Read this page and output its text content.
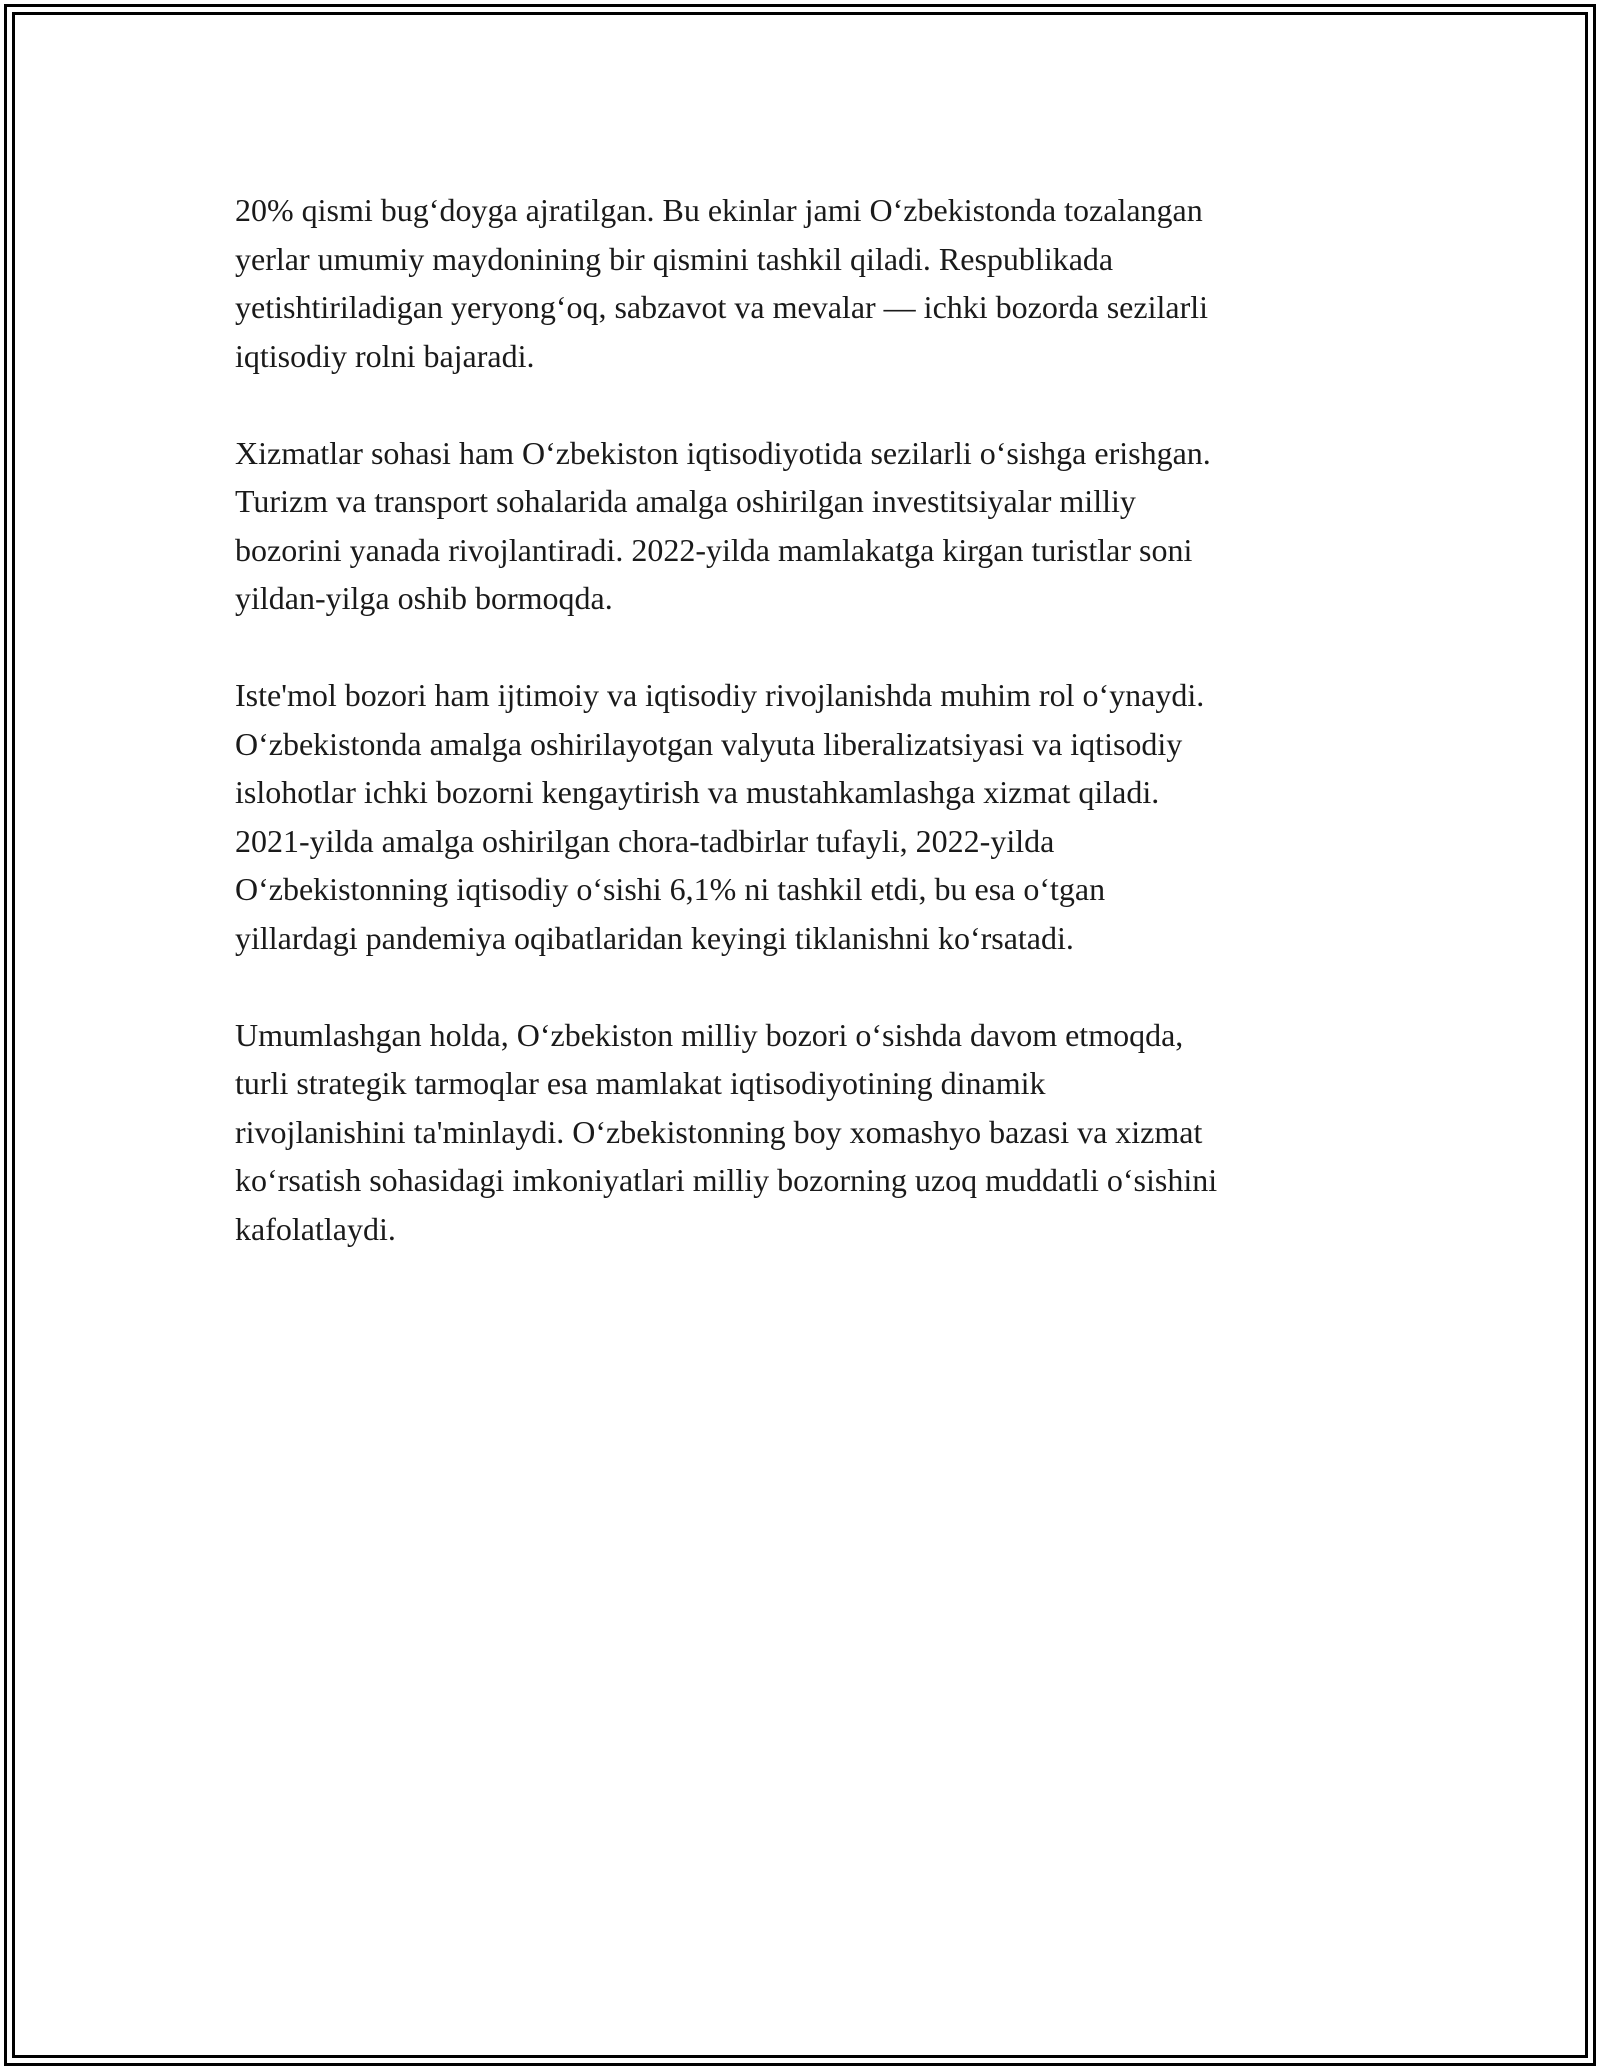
20% qismi bug‘doyga ajratilgan. Bu ekinlar jami O‘zbekistonda tozalangan
yerlar umumiy maydonining bir qismini tashkil qiladi. Respublikada
yetishtiriladigan yeryong‘oq, sabzavot va mevalar — ichki bozorda sezilarli
iqtisodiy rolni bajaradi.

Xizmatlar sohasi ham O‘zbekiston iqtisodiyotida sezilarli o‘sishga erishgan.
Turizm va transport sohalarida amalga oshirilgan investitsiyalar milliy
bozorini yanada rivojlantiradi. 2022-yilda mamlakatga kirgan turistlar soni
yildan-yilga oshib bormoqda.

Iste'mol bozori ham ijtimoiy va iqtisodiy rivojlanishda muhim rol o‘ynaydi.
O‘zbekistonda amalga oshirilayotgan valyuta liberalizatsiyasi va iqtisodiy
islohotlar ichki bozorni kengaytirish va mustahkamlashga xizmat qiladi.
2021-yilda amalga oshirilgan chora-tadbirlar tufayli, 2022-yilda
O‘zbekistonning iqtisodiy o‘sishi 6,1% ni tashkil etdi, bu esa o‘tgan
yillardagi pandemiya oqibatlaridan keyingi tiklanishni ko‘rsatadi.

Umumlashgan holda, O‘zbekiston milliy bozori o‘sishda davom etmoqda,
turli strategik tarmoqlar esa mamlakat iqtisodiyotining dinamik
rivojlanishini ta'minlaydi. O‘zbekistonning boy xomashyo bazasi va xizmat
ko‘rsatish sohasidagi imkoniyatlari milliy bozorning uzoq muddatli o‘sishini
kafolatlaydi.
